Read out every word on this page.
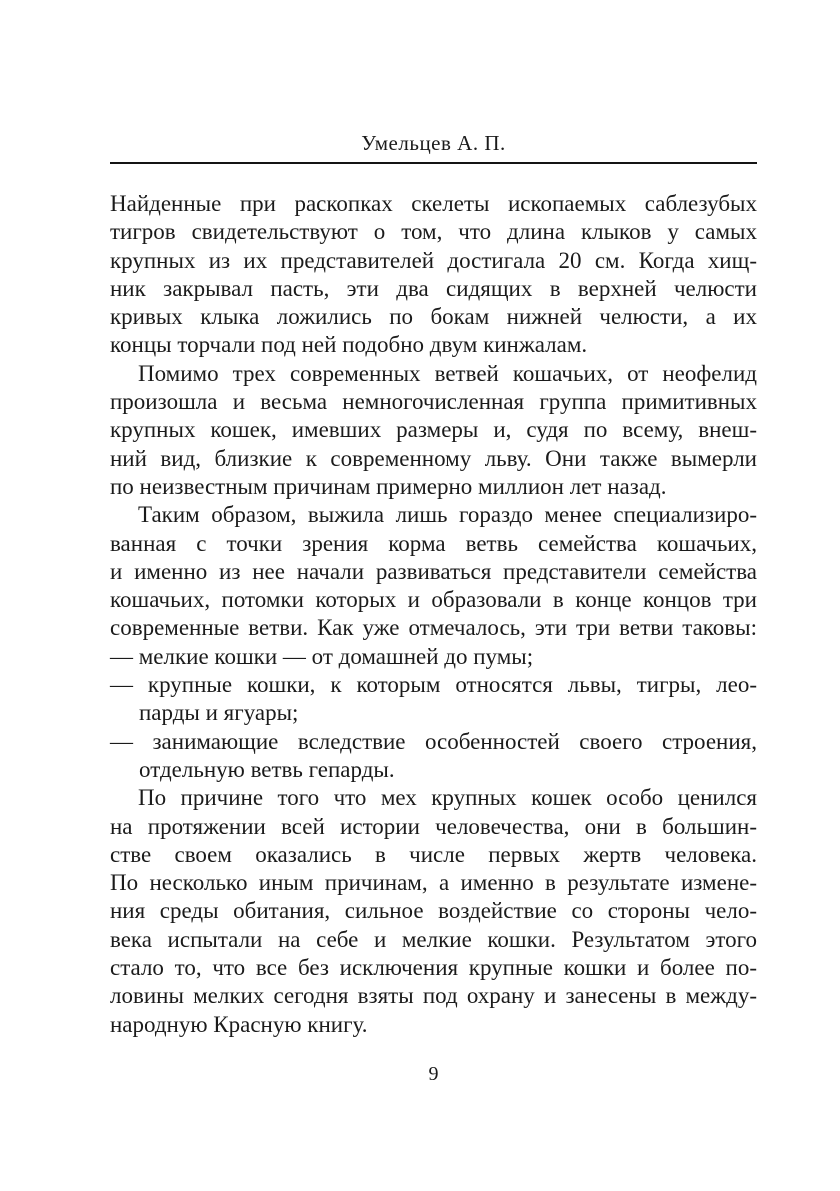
Умельцев А. П.
Найденные при раскопках скелеты ископаемых саблезубых
тигров свидетельствуют о том, что длина клыков у самых
крупных из их представителей достигала 20 см. Когда хищ-
ник закрывал пасть, эти два сидящих в верхней челюсти
кривых клыка ложились по бокам нижней челюсти, а их
концы торчали под ней подобно двум кинжалам.
Помимо трех современных ветвей кошачьих, от неофелид
произошла и весьма немногочисленная группа примитивных
крупных кошек, имевших размеры и, судя по всему, внеш-
ний вид, близкие к современному льву. Они также вымерли
по неизвестным причинам примерно миллион лет назад.
Таким образом, выжила лишь гораздо менее специализиро-
ванная с точки зрения корма ветвь семейства кошачьих,
и именно из нее начали развиваться представители семейства
кошачьих, потомки которых и образовали в конце концов три
современные ветви. Как уже отмечалось, эти три ветви таковы:
— мелкие кошки — от домашней до пумы;
— крупные кошки, к которым относятся львы, тигры, лео-
парды и ягуары;
— занимающие вследствие особенностей своего строения,
отдельную ветвь гепарды.
По причине того что мех крупных кошек особо ценился
на протяжении всей истории человечества, они в большин-
стве своем оказались в числе первых жертв человека.
По несколько иным причинам, а именно в результате измене-
ния среды обитания, сильное воздействие со стороны чело-
века испытали на себе и мелкие кошки. Результатом этого
стало то, что все без исключения крупные кошки и более по-
ловины мелких сегодня взяты под охрану и занесены в между-
народную Красную книгу.
9
